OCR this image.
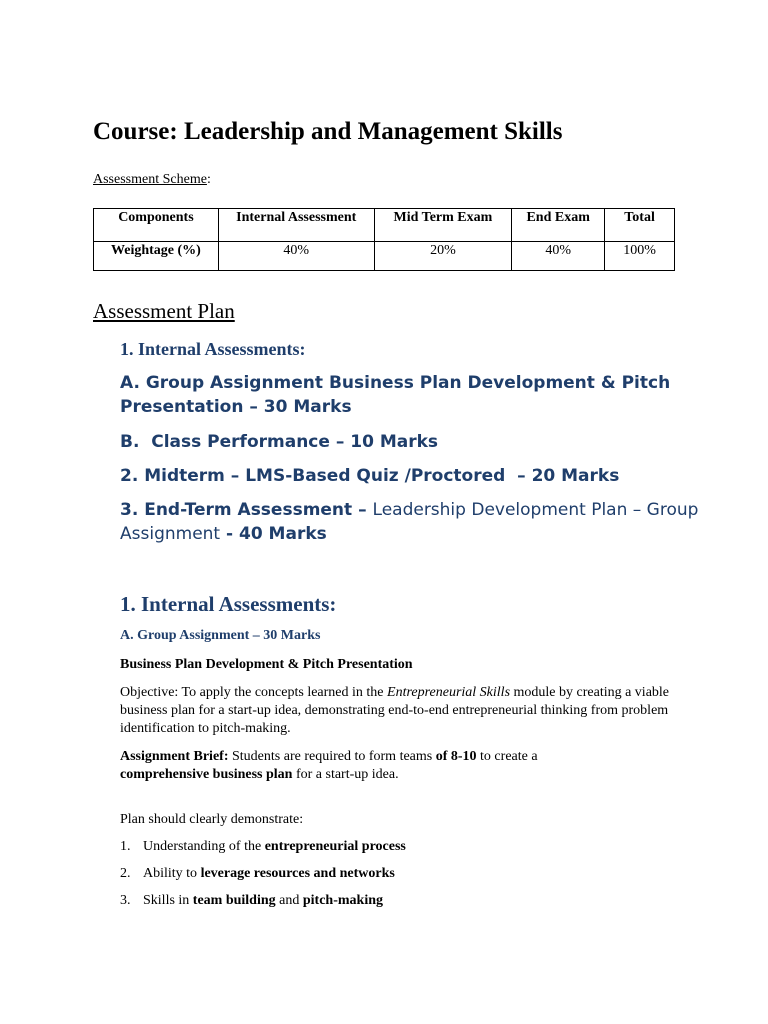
Course: Leadership and Management Skills
Assessment Scheme:
Components	Internal Assessment	Mid Term Exam	End Exam	Total
Weightage (%)	40%	20%	40%	100%
Assessment Plan
1. Internal Assessments:
A. Group Assignment Business Plan Development & Pitch Presentation – 30 Marks
B.  Class Performance – 10 Marks
2. Midterm – LMS-Based Quiz /Proctored  – 20 Marks
3. End-Term Assessment – Leadership Development Plan – Group Assignment - 40 Marks
1. Internal Assessments:
A. Group Assignment – 30 Marks
Business Plan Development & Pitch Presentation
Objective: To apply the concepts learned in the Entrepreneurial Skills module by creating a viable business plan for a start-up idea, demonstrating end-to-end entrepreneurial thinking from problem identification to pitch-making.
Assignment Brief: Students are required to form teams of 8-10 to create a comprehensive business plan for a start-up idea.
Plan should clearly demonstrate:
1. Understanding of the entrepreneurial process
2. Ability to leverage resources and networks
3. Skills in team building and pitch-making
